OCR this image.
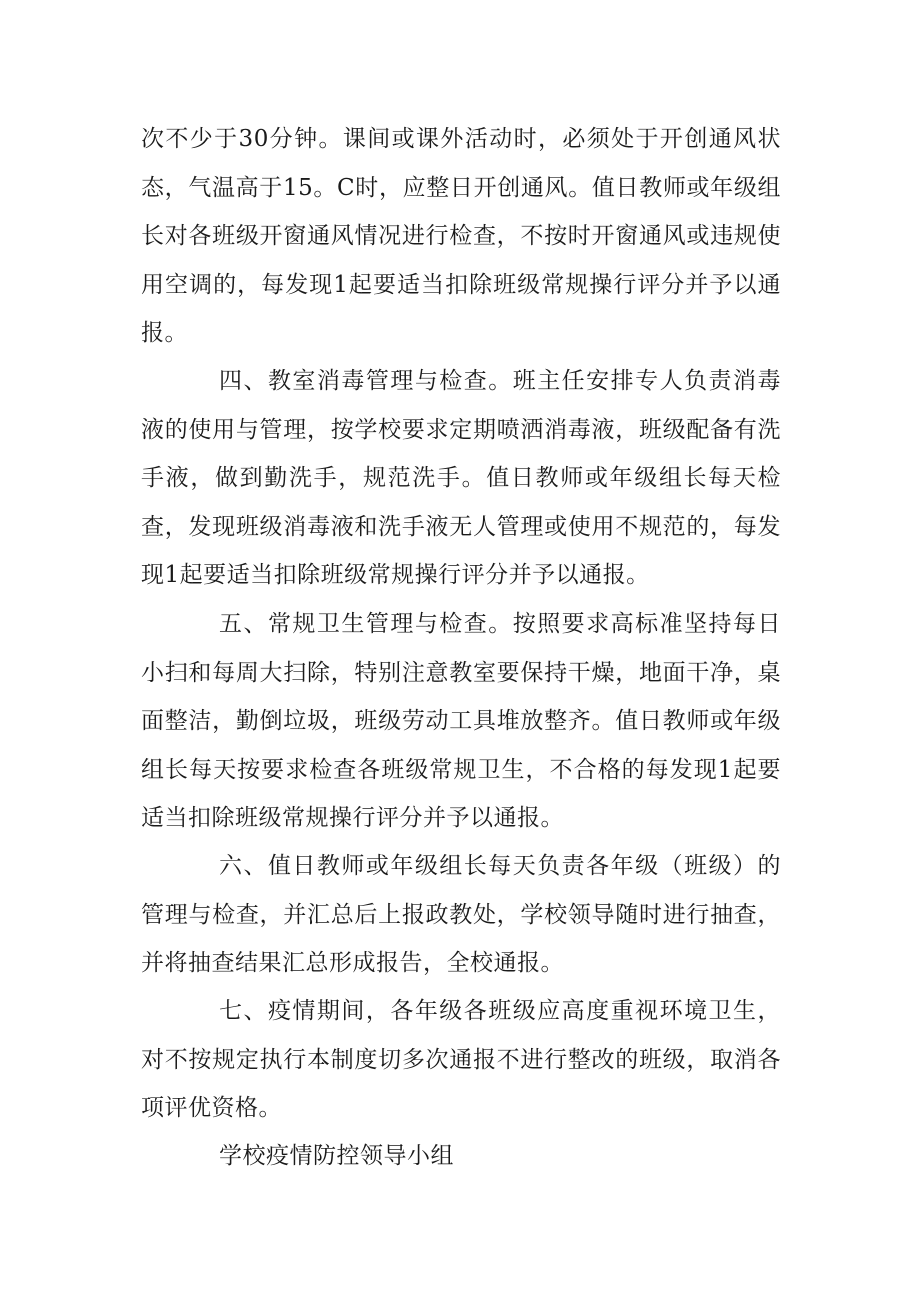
次不少于30分钟。课间或课外活动时，必须处于开创通风状态，气温高于15。C时，应整日开创通风。值日教师或年级组长对各班级开窗通风情况进行检查，不按时开窗通风或违规使用空调的，每发现1起要适当扣除班级常规操行评分并予以通报。

四、教室消毒管理与检查。班主任安排专人负责消毒液的使用与管理，按学校要求定期喷洒消毒液，班级配备有洗手液，做到勤洗手，规范洗手。值日教师或年级组长每天检查，发现班级消毒液和洗手液无人管理或使用不规范的，每发现1起要适当扣除班级常规操行评分并予以通报。

五、常规卫生管理与检查。按照要求高标准坚持每日小扫和每周大扫除，特别注意教室要保持干燥，地面干净，桌面整洁，勤倒垃圾，班级劳动工具堆放整齐。值日教师或年级组长每天按要求检查各班级常规卫生，不合格的每发现1起要适当扣除班级常规操行评分并予以通报。

六、值日教师或年级组长每天负责各年级（班级）的管理与检查，并汇总后上报政教处，学校领导随时进行抽查，并将抽查结果汇总形成报告，全校通报。

七、疫情期间，各年级各班级应高度重视环境卫生，对不按规定执行本制度切多次通报不进行整改的班级，取消各项评优资格。

学校疫情防控领导小组
